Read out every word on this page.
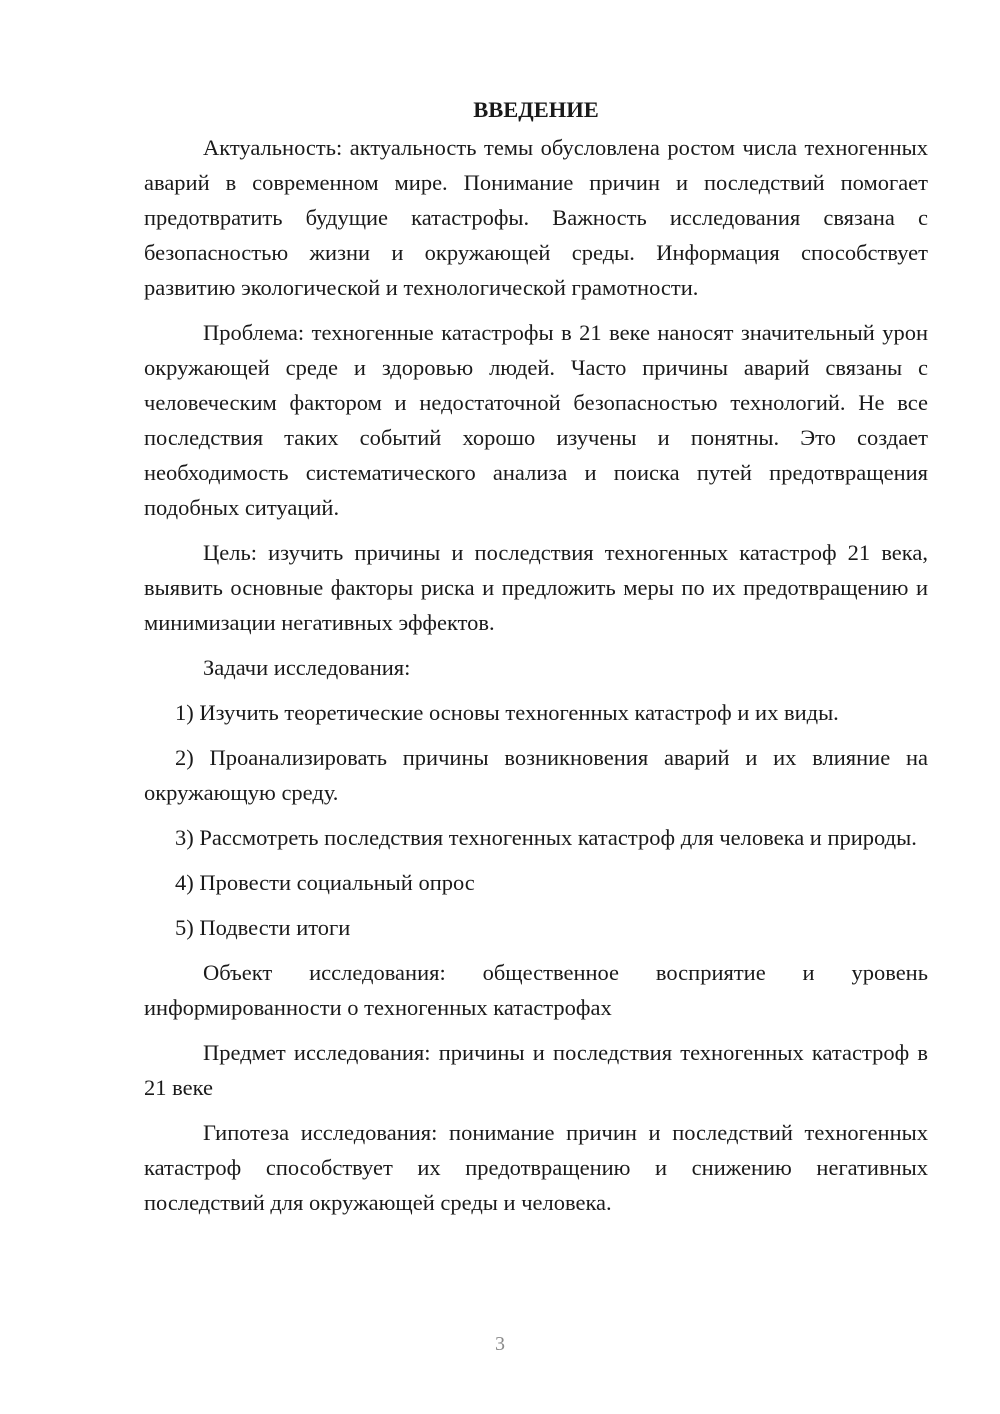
ВВЕДЕНИЕ

Актуальность: актуальность темы обусловлена ростом числа техногенных аварий в современном мире. Понимание причин и последствий помогает предотвратить будущие катастрофы. Важность исследования связана с безопасностью жизни и окружающей среды. Информация способствует развитию экологической и технологической грамотности.

Проблема: техногенные катастрофы в 21 веке наносят значительный урон окружающей среде и здоровью людей. Часто причины аварий связаны с человеческим фактором и недостаточной безопасностью технологий. Не все последствия таких событий хорошо изучены и понятны. Это создает необходимость систематического анализа и поиска путей предотвращения подобных ситуаций.

Цель: изучить причины и последствия техногенных катастроф 21 века, выявить основные факторы риска и предложить меры по их предотвращению и минимизации негативных эффектов.

Задачи исследования:

1) Изучить теоретические основы техногенных катастроф и их виды.

2) Проанализировать причины возникновения аварий и их влияние на окружающую среду.

3) Рассмотреть последствия техногенных катастроф для человека и природы.

4) Провести социальный опрос

5) Подвести итоги

Объект исследования: общественное восприятие и уровень информированности о техногенных катастрофах

Предмет исследования: причины и последствия техногенных катастроф в 21 веке

Гипотеза исследования: понимание причин и последствий техногенных катастроф способствует их предотвращению и снижению негативных последствий для окружающей среды и человека.

3
